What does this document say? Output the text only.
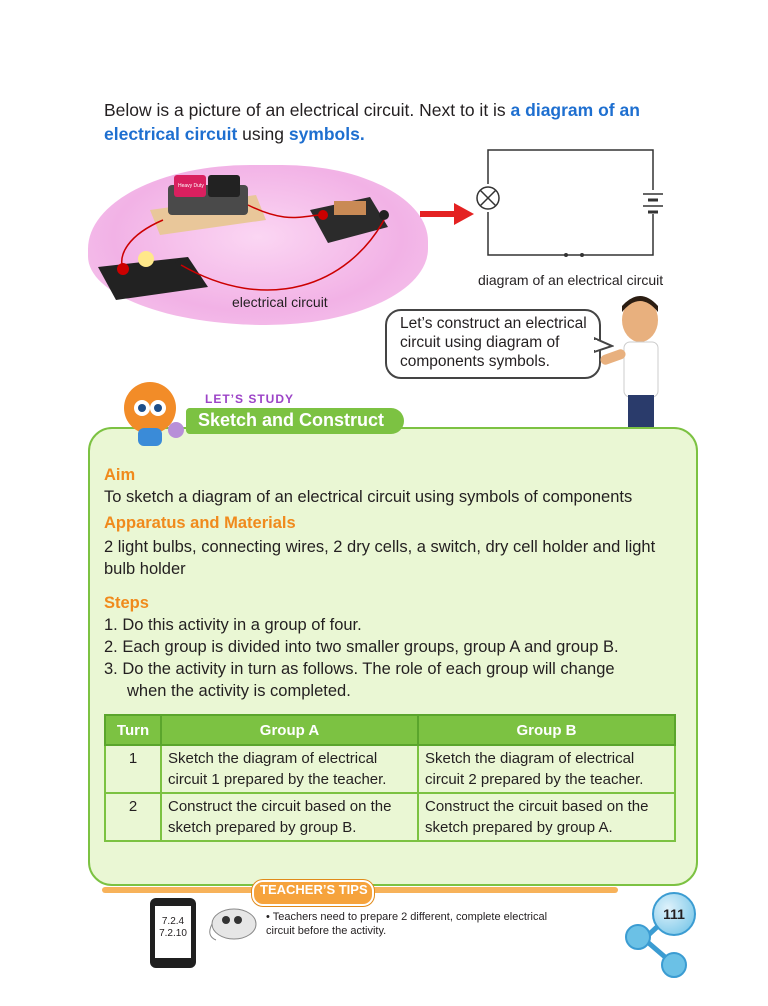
Below is a picture of an electrical circuit. Next to it is a diagram of an electrical circuit using symbols.
Heavy Duty
electrical circuit
diagram of an electrical circuit
Let’s construct an electrical circuit using diagram of components symbols.
LET’S STUDY
Sketch and Construct
Aim
To sketch a diagram of an electrical circuit using symbols of components
Apparatus and Materials
2 light bulbs, connecting wires, 2 dry cells, a switch, dry cell holder and light bulb holder
Steps
1. Do this activity in a group of four.
2. Each group is divided into two smaller groups, group A and group B.
3. Do the activity in turn as follows. The role of each group will change
when the activity is completed.
Turn	Group A	Group B
1	Sketch the diagram of electrical circuit 1 prepared by the teacher.	Sketch the diagram of electrical circuit 2 prepared by the teacher.
2	Construct the circuit based on the sketch prepared by group B.	Construct the circuit based on the sketch prepared by group A.
TEACHER’S TIPS
7.2.4
7.2.10
• Teachers need to prepare 2 different, complete electrical circuit before the activity.
111
